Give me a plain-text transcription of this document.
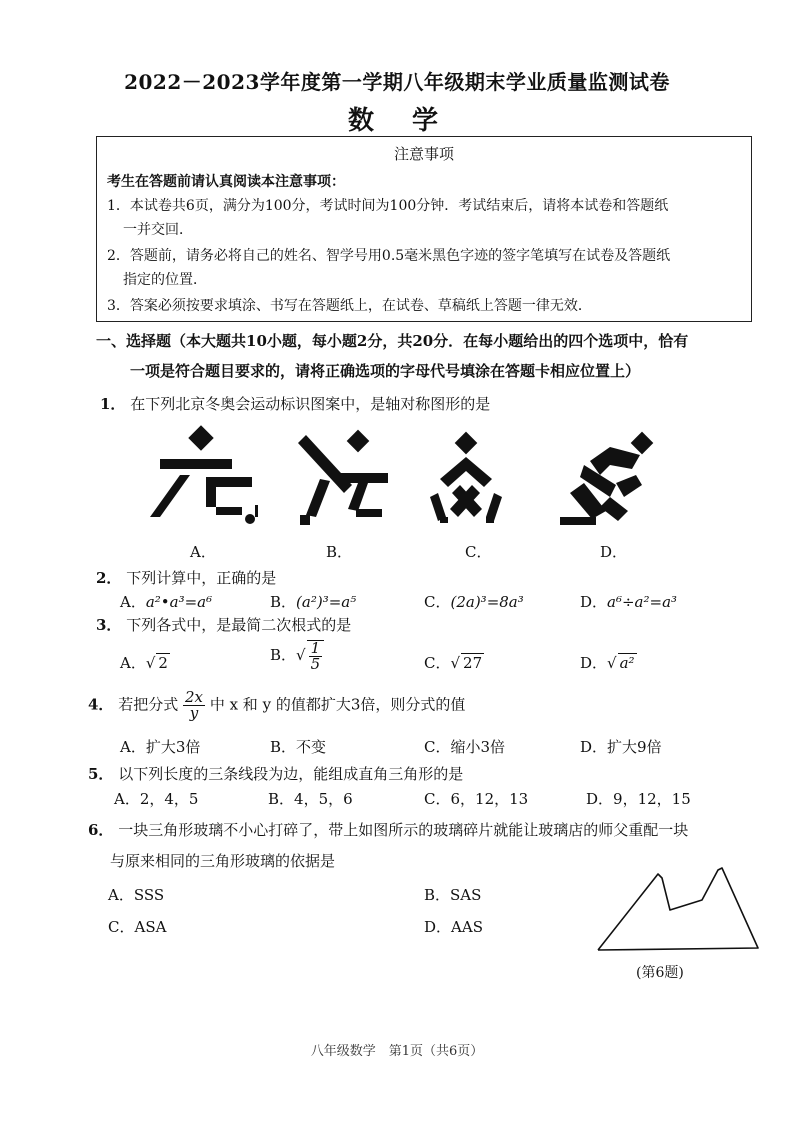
2022－2023学年度第一学期八年级期末学业质量监测试卷
数学
注意事项
考生在答题前请认真阅读本注意事项：
1．本试卷共6页，满分为100分，考试时间为100分钟．考试结束后，请将本试卷和答题纸
一并交回．
2．答题前，请务必将自己的姓名、智学号用0.5毫米黑色字迹的签字笔填写在试卷及答题纸
指定的位置．
3．答案必须按要求填涂、书写在答题纸上，在试卷、草稿纸上答题一律无效．
一、选择题（本大题共10小题，每小题2分，共20分．在每小题给出的四个选项中，恰有
一项是符合题目要求的，请将正确选项的字母代号填涂在答题卡相应位置上）
1． 在下列北京冬奥会运动标识图案中，是轴对称图形的是
A．	B．	C．	D．
2． 下列计算中，正确的是
A．a²•a³=a⁶	B．(a²)³=a⁵	C．(2a)³=8a³	D．a⁶÷a²=a³
3． 下列各式中，是最简二次根式的是
A．√ 2	B．√ $\frac{1}{5}$	C．√ 27	D．√ a²
4． 若把分式 $\frac{2x}{y}$ 中 x 和 y 的值都扩大3倍，则分式的值
A．扩大3倍	B．不变	C．缩小3倍	D．扩大9倍
5． 以下列长度的三条线段为边，能组成直角三角形的是
A．2，4，5	B．4，5，6	C．6，12，13	D．9，12，15
6． 一块三角形玻璃不小心打碎了，带上如图所示的玻璃碎片就能让玻璃店的师父重配一块
与原来相同的三角形玻璃的依据是
A．SSS	B．SAS
C．ASA	D．AAS
(第6题)
八年级数学　第1页（共6页）
